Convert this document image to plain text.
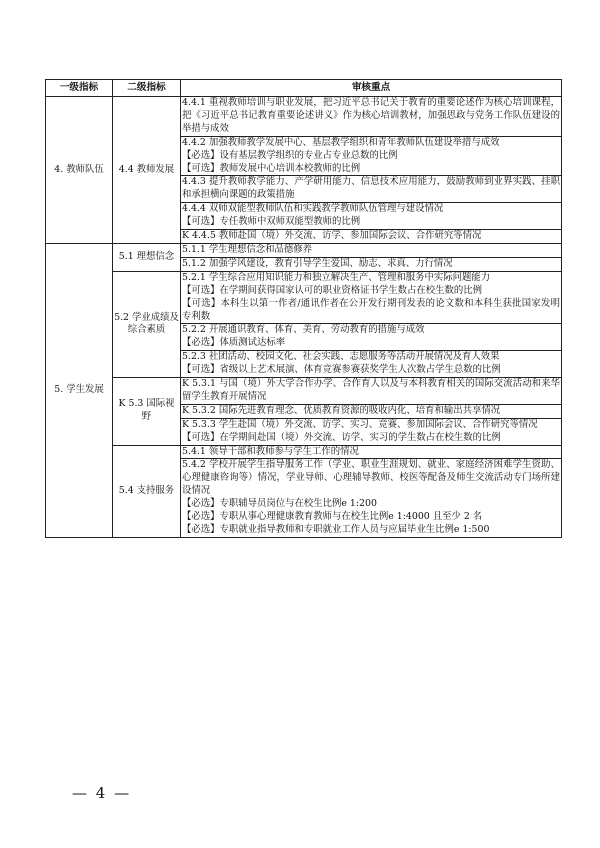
一级指标	二级指标	审核重点
4. 教师队伍	4.4 教师发展	4.4.1 重视教师培训与职业发展，把习近平总书记关于教育的重要论述作为核心培训课程，把《习近平总书记教育重要论述讲义》作为核心培训教材，加强思政与党务工作队伍建设的举措与成效

		4.4.2 加强教师教学发展中心、基层教学组织和青年教师队伍建设举措与成效
【必选】设有基层教学组织的专业占专业总数的比例
【可选】教师发展中心培训本校教师的比例

		4.4.3 提升教师教学能力、产学研用能力、信息技术应用能力，鼓励教师到业界实践、挂职和承担横向课题的政策措施

		4.4.4 双师双能型教师队伍和实践教学教师队伍管理与建设情况
【可选】专任教师中双师双能型教师的比例

		K 4.4.5 教师赴国（境）外交流、访学、参加国际会议、合作研究等情况

5. 学生发展	5.1 理想信念	5.1.1 学生理想信念和品德修养

		5.1.2 加强学风建设，教育引导学生爱国、励志、求真、力行情况

	5.2 学业成绩及综合素质	5.2.1 学生综合应用知识能力和独立解决生产、管理和服务中实际问题能力
【可选】在学期间获得国家认可的职业资格证书学生数占在校生数的比例
【可选】本科生以第一作者/通讯作者在公开发行期刊发表的论文数和本科生获批国家发明专利数

		5.2.2 开展通识教育、体育、美育、劳动教育的措施与成效
【必选】体质测试达标率

		5.2.3 社团活动、校园文化、社会实践、志愿服务等活动开展情况及育人效果
【可选】省级以上艺术展演、体育竞赛参赛获奖学生人次数占学生总数的比例

	K 5.3 国际视野	K 5.3.1 与国（境）外大学合作办学、合作育人以及与本科教育相关的国际交流活动和来华留学生教育开展情况

		K 5.3.2 国际先进教育理念、优质教育资源的吸收内化、培育和输出共享情况

		K 5.3.3 学生赴国（境）外交流、访学、实习、竞赛、参加国际会议、合作研究等情况
【可选】在学期间赴国（境）外交流、访学、实习的学生数占在校生数的比例

	5.4 支持服务	5.4.1 领导干部和教师参与学生工作的情况

		5.4.2 学校开展学生指导服务工作（学业、职业生涯规划、就业、家庭经济困难学生资助、心理健康咨询等）情况，学业导师、心理辅导教师、校医等配备及师生交流活动专门场所建设情况
【必选】专职辅导员岗位与在校生比例e 1:200
【必选】专职从事心理健康教育教师与在校生比例e 1:4000 且至少 2 名
【必选】专职就业指导教师和专职就业工作人员与应届毕业生比例e 1:500
— 4 —
